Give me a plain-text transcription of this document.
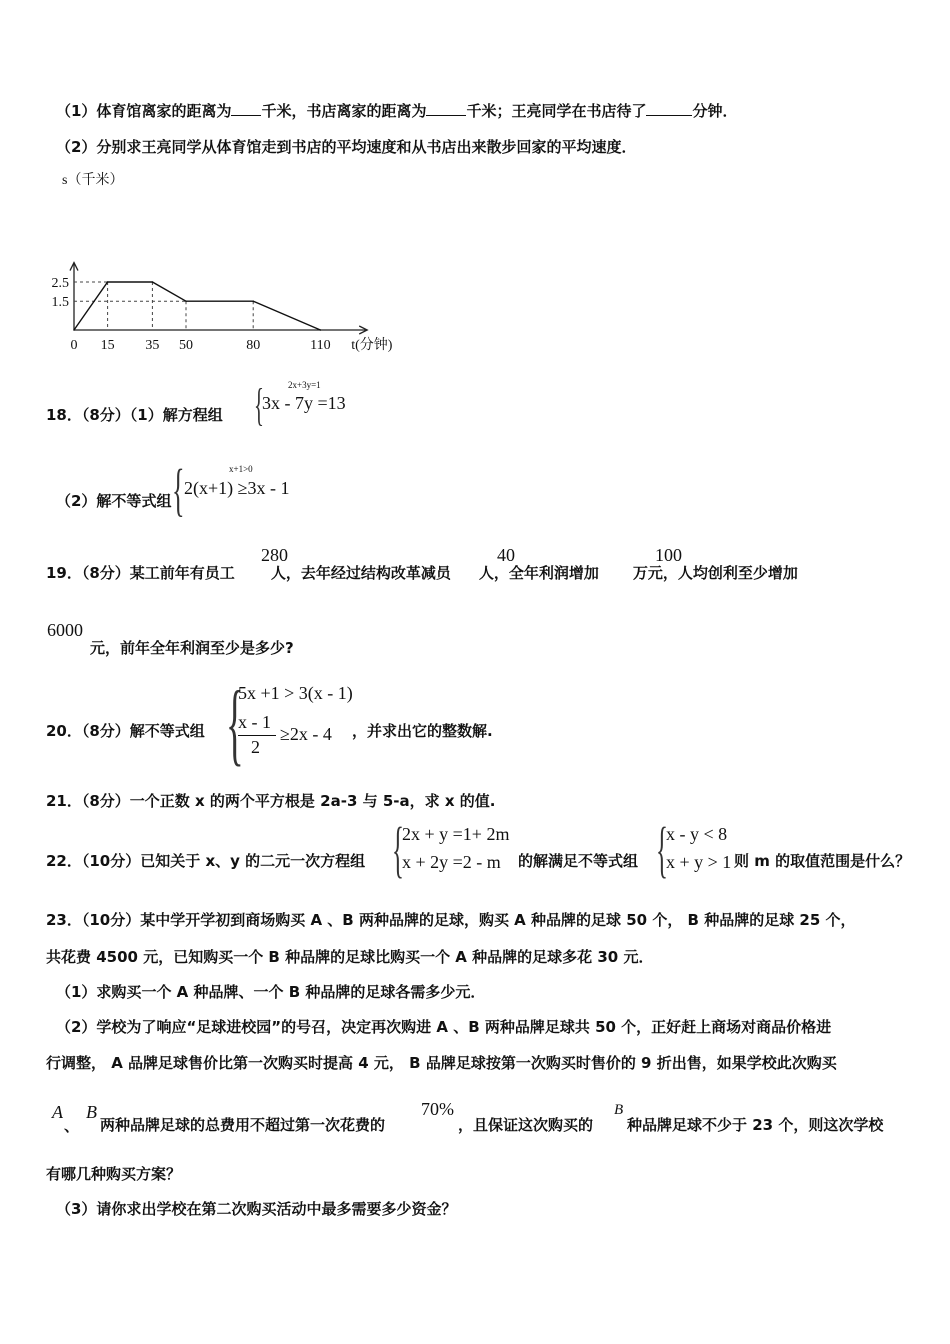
（1）体育馆离家的距离为 千米，书店离家的距离为	千米；王亮同学在书店待了	分钟．
（2）分别求王亮同学从体育馆走到书店的平均速度和从书店出来散步回家的平均速度．
0 15 35 50	80	110
2.5
1.5
s（千米）
t(分钟)
18．（8分）（1）解方程组 {	2x+3y=1
3x - 7y =13
（2）解不等式组 {	x+1>0
2(x+1) ≥3x - 1
19．（8分）某工前年有员工 人，去年经过结构改革减员 人，全年利润增加 万元，人均创利至少增加
280	40	100
6000
元，前年全年利润至少是多少?
20．（8分）解不等式组 {
5x +1 > 3(x - 1)
x - 1
2
≥2x - 4 ，并求出它的整数解.
21．（8分）一个正数 x 的两个平方根是 2a-3 与 5-a，求 x 的值.
22．（10分）已知关于 x、y 的二元一次方程组 {
2x + y =1+ 2m
x + 2y =2 - m 的解满足不等式组 {
x - y < 8
x + y > 1 则 m 的取值范围是什么？
23．（10分）某中学开学初到商场购买 A 、B 两种品牌的足球，购买 A 种品牌的足球 50 个， B 种品牌的足球 25 个，
共花费 4500 元，已知购买一个 B 种品牌的足球比购买一个 A 种品牌的足球多花 30 元．
（1）求购买一个 A 种品牌、一个 B 种品牌的足球各需多少元．
（2）学校为了响应“足球进校园”的号召，决定再次购进 A 、B 两种品牌足球共 50 个，正好赶上商场对商品价格进
行调整， A 品牌足球售价比第一次购买时提高 4 元， B 品牌足球按第一次购买时售价的 9 折出售，如果学校此次购买
A
、
B
两种品牌足球的总费用不超过第一次花费的
70%
，且保证这次购买的
B
种品牌足球不少于 23 个，则这次学校
有哪几种购买方案？
（3）请你求出学校在第二次购买活动中最多需要多少资金？
